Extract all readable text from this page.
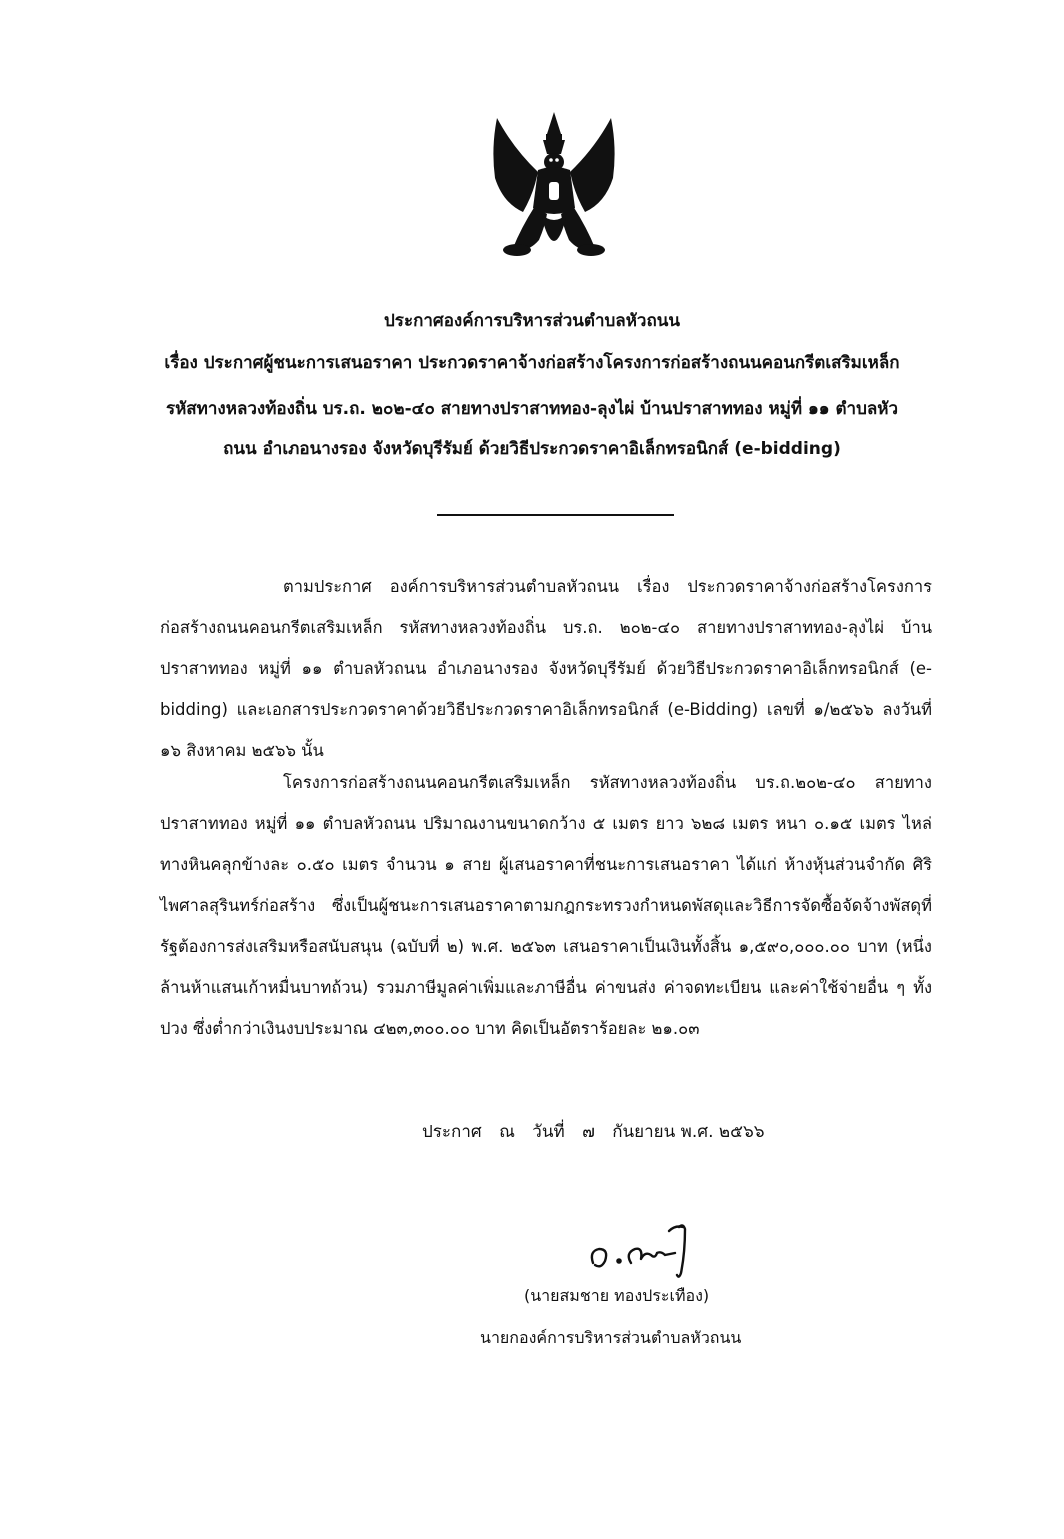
ประกาศองค์การบริหารส่วนตำบลหัวถนน
เรื่อง ประกาศผู้ชนะการเสนอราคา ประกวดราคาจ้างก่อสร้างโครงการก่อสร้างถนนคอนกรีตเสริมเหล็ก
รหัสทางหลวงท้องถิ่น บร.ถ. ๒๐๒-๔๐ สายทางปราสาททอง-ลุงไผ่ บ้านปราสาททอง หมู่ที่ ๑๑ ตำบลหัว
ถนน อำเภอนางรอง จังหวัดบุรีรัมย์ ด้วยวิธีประกวดราคาอิเล็กทรอนิกส์ (e-bidding)
ตามประกาศ องค์การบริหารส่วนตำบลหัวถนน เรื่อง ประกวดราคาจ้างก่อสร้างโครงการก่อสร้างถนนคอนกรีตเสริมเหล็ก รหัสทางหลวงท้องถิ่น บร.ถ. ๒๐๒-๔๐ สายทางปราสาททอง-ลุงไผ่ บ้านปราสาททอง หมู่ที่ ๑๑ ตำบลหัวถนน อำเภอนางรอง จังหวัดบุรีรัมย์ ด้วยวิธีประกวดราคาอิเล็กทรอนิกส์ (e-bidding) และเอกสารประกวดราคาด้วยวิธีประกวดราคาอิเล็กทรอนิกส์ (e-Bidding) เลขที่ ๑/๒๕๖๖ ลงวันที่ ๑๖ สิงหาคม ๒๕๖๖ นั้น
โครงการก่อสร้างถนนคอนกรีตเสริมเหล็ก รหัสทางหลวงท้องถิ่น บร.ถ.๒๐๒-๔๐ สายทางปราสาททอง หมู่ที่ ๑๑ ตำบลหัวถนน ปริมาณงานขนาดกว้าง ๕ เมตร ยาว ๖๒๘ เมตร หนา ๐.๑๕ เมตร ไหล่ทางหินคลุกข้างละ ๐.๕๐ เมตร จำนวน ๑ สาย ผู้เสนอราคาที่ชนะการเสนอราคา ได้แก่ ห้างหุ้นส่วนจำกัด ศิริไพศาลสุรินทร์ก่อสร้าง ซึ่งเป็นผู้ชนะการเสนอราคาตามกฎกระทรวงกำหนดพัสดุและวิธีการจัดซื้อจัดจ้างพัสดุที่รัฐต้องการส่งเสริมหรือสนับสนุน (ฉบับที่ ๒) พ.ศ. ๒๕๖๓ เสนอราคาเป็นเงินทั้งสิ้น ๑,๕๙๐,๐๐๐.๐๐ บาท (หนึ่งล้านห้าแสนเก้าหมื่นบาทถ้วน) รวมภาษีมูลค่าเพิ่มและภาษีอื่น ค่าขนส่ง ค่าจดทะเบียน และค่าใช้จ่ายอื่น ๆ ทั้งปวง ซึ่งต่ำกว่าเงินงบประมาณ ๔๒๓,๓๐๐.๐๐ บาท คิดเป็นอัตราร้อยละ ๒๑.๐๓
ประกาศ ณ วันที่ ๗ กันยายน พ.ศ. ๒๕๖๖
(นายสมชาย ทองประเทือง)
นายกองค์การบริหารส่วนตำบลหัวถนน
